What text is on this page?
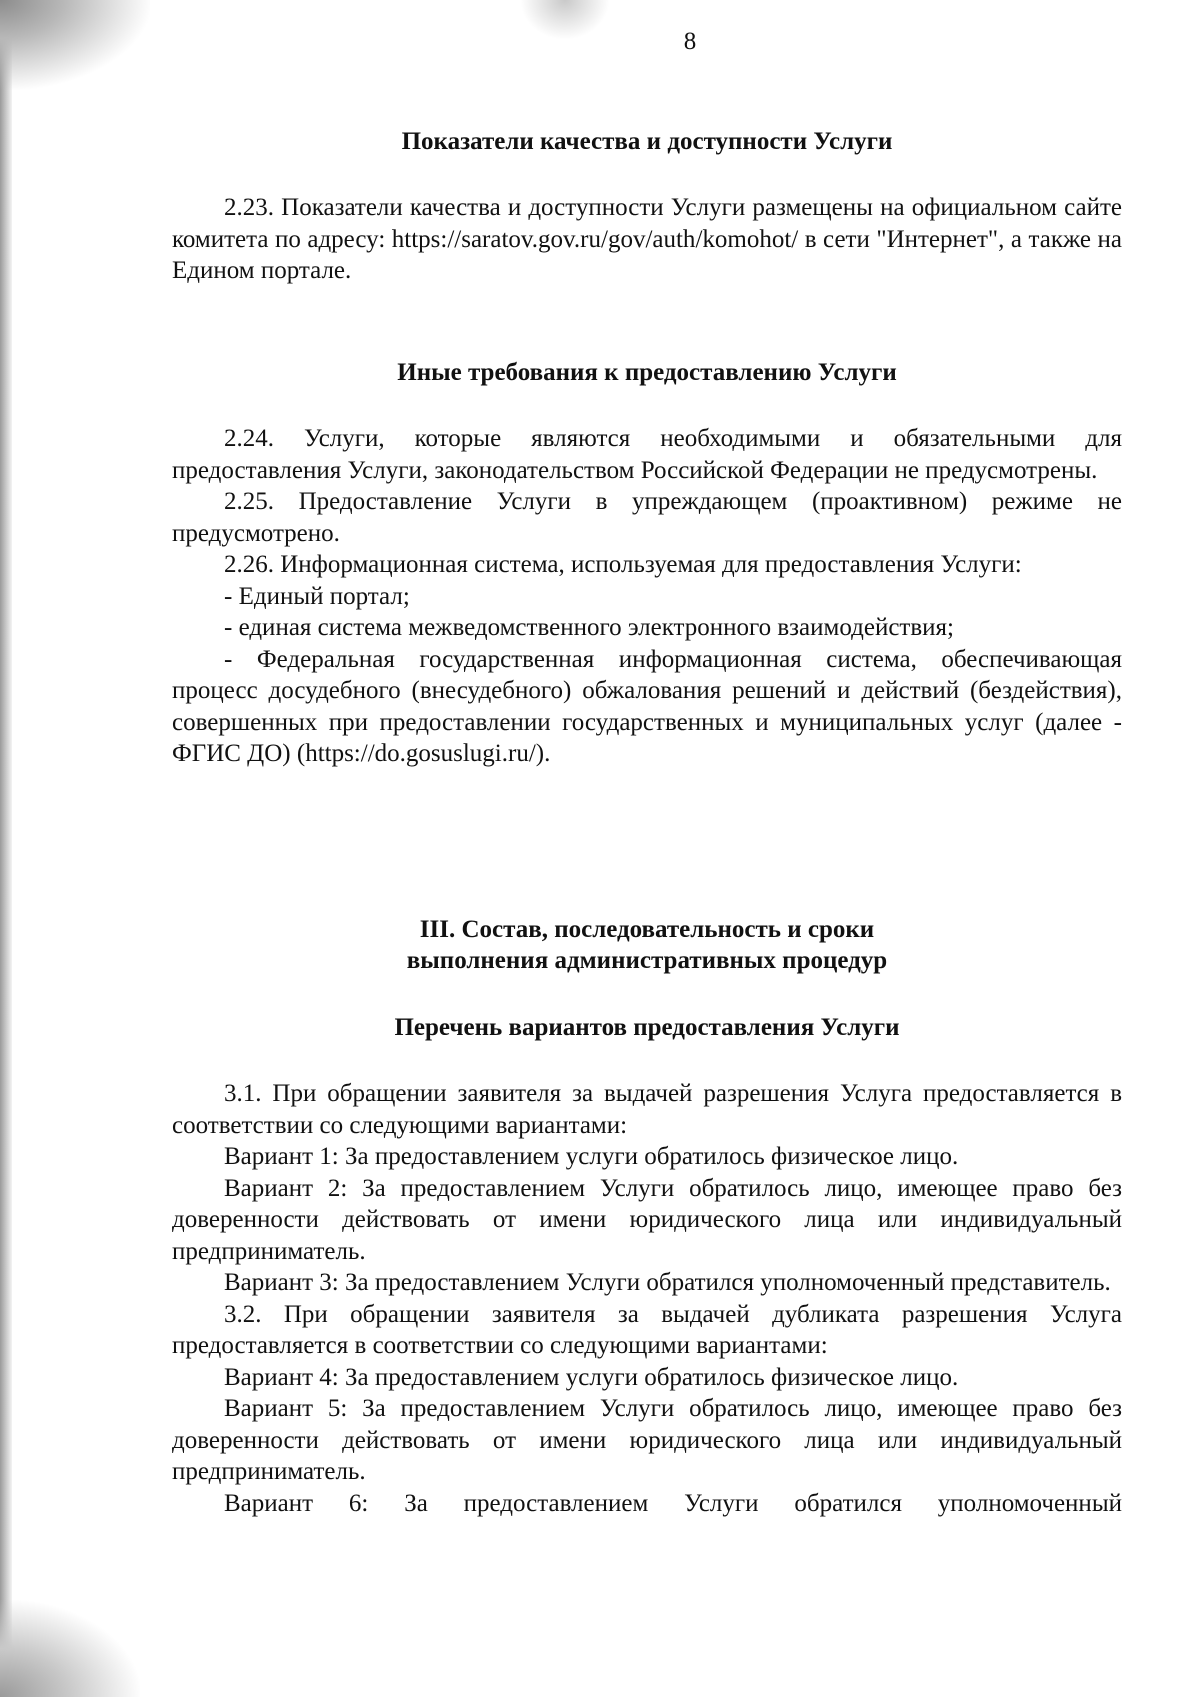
8
Показатели качества и доступности Услуги

2.23. Показатели качества и доступности Услуги размещены на официальном сайте комитета по адресу: https://saratov.gov.ru/gov/auth/komohot/ в сети "Интернет", а также на Едином портале.

Иные требования к предоставлению Услуги

2.24. Услуги, которые являются необходимыми и обязательными для предоставления Услуги, законодательством Российской Федерации не предусмотрены.

2.25. Предоставление Услуги в упреждающем (проактивном) режиме не предусмотрено.

2.26. Информационная система, используемая для предоставления Услуги:

- Единый портал;

- единая система межведомственного электронного взаимодействия;

- Федеральная государственная информационная система, обеспечивающая процесс досудебного (внесудебного) обжалования решений и действий (бездействия), совершенных при предоставлении государственных и муниципальных услуг (далее - ФГИС ДО) (https://do.gosuslugi.ru/).

III. Состав, последовательность и сроки
выполнения административных процедур
Перечень вариантов предоставления Услуги

3.1. При обращении заявителя за выдачей разрешения Услуга предоставляется в соответствии со следующими вариантами:

Вариант 1: За предоставлением услуги обратилось физическое лицо.

Вариант 2: За предоставлением Услуги обратилось лицо, имеющее право без доверенности действовать от имени юридического лица или индивидуальный предприниматель.

Вариант 3: За предоставлением Услуги обратился уполномоченный представитель.

3.2. При обращении заявителя за выдачей дубликата разрешения Услуга предоставляется в соответствии со следующими вариантами:

Вариант 4: За предоставлением услуги обратилось физическое лицо.

Вариант 5: За предоставлением Услуги обратилось лицо, имеющее право без доверенности действовать от имени юридического лица или индивидуальный предприниматель.

Вариант 6: За предоставлением Услуги обратился уполномоченный
